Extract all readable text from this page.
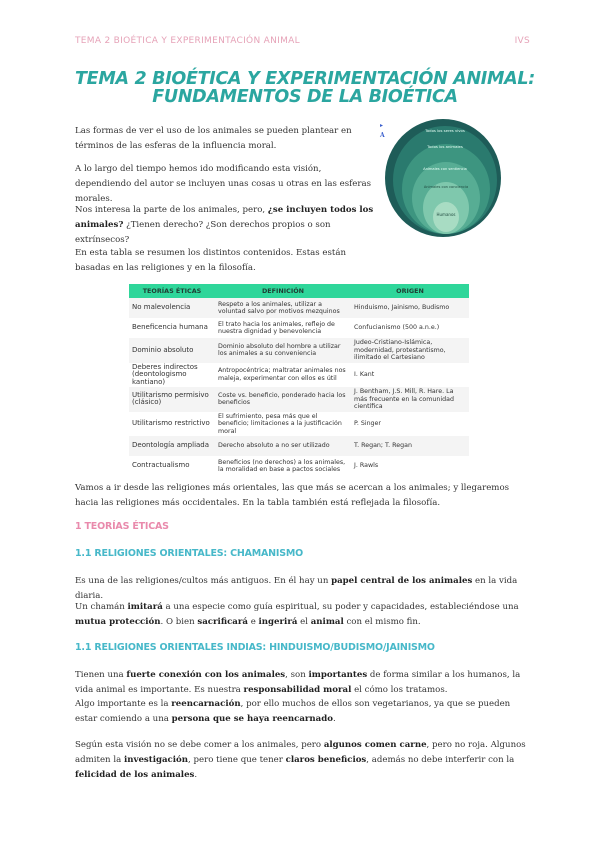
TEMA 2 BIOÉTICA Y EXPERIMENTACIÓN ANIMAL	IVS
TEMA 2 BIOÉTICA Y EXPERIMENTACIÓN ANIMAL:
FUNDAMENTOS DE LA BIOÉTICA
Las formas de ver el uso de los animales se pueden plantear en términos de las esferas de la influencia moral.
A lo largo del tiempo hemos ido modificando esta visión, dependiendo del autor se incluyen unas cosas u otras en las esferas morales.
Nos interesa la parte de los animales, pero, ¿se incluyen todos los animales? ¿Tienen derecho? ¿Son derechos propios o son extrínsecos?
En esta tabla se resumen los distintos contenidos. Estas están basadas en las religiones y en la filosofía.
▸
A
Todos los seres vivos
Todos los animales
Animales con sentiencia
Animales con conciencia
Humanos
TEORÍAS ÉTICAS	DEFINICIÓN	ORIGEN
No malevolencia	Respeto a los animales, utilizar a voluntad salvo por motivos mezquinos	Hinduismo, Jainismo, Budismo
Beneficencia humana	El trato hacia los animales, reflejo de nuestra dignidad y benevolencia	Confucianismo (500 a.n.e.)
Dominio absoluto	Dominio absoluto del hombre a utilizar los animales a su conveniencia	Judeo-Cristiano-Islámica, modernidad, protestantismo, ilimitado el Cartesiano
Deberes indirectos (deontologismo kantiano)	Antropocéntrica; maltratar animales nos maleja, experimentar con ellos es útil	I. Kant
Utilitarismo permisivo (clásico)	Coste vs. beneficio, ponderado hacia los beneficios	J. Bentham, J.S. Mill, R. Hare. La más frecuente en la comunidad científica
Utilitarismo restrictivo	El sufrimiento, pesa más que el beneficio; limitaciones a la justificación moral	P. Singer
Deontología ampliada	Derecho absoluto a no ser utilizado	T. Regan; T. Regan
Contractualismo	Beneficios (no derechos) a los animales, la moralidad en base a pactos sociales	J. Rawls
Vamos a ir desde las religiones más orientales, las que más se acercan a los animales; y llegaremos hacia las religiones más occidentales. En la tabla también está reflejada la filosofía.
1 TEORÍAS ÉTICAS
1.1 RELIGIONES ORIENTALES: CHAMANISMO
Es una de las religiones/cultos más antiguos. En él hay un papel central de los animales en la vida diaria.
Un chamán imitará a una especie como guía espiritual, su poder y capacidades, estableciéndose una mutua protección. O bien sacrificará e ingerirá el animal con el mismo fin.
1.1 RELIGIONES ORIENTALES INDIAS: HINDUISMO/BUDISMO/JAINISMO
Tienen una fuerte conexión con los animales, son importantes de forma similar a los humanos, la vida animal es importante. Es nuestra responsabilidad moral el cómo los tratamos.
Algo importante es la reencarnación, por ello muchos de ellos son vegetarianos, ya que se pueden estar comiendo a una persona que se haya reencarnado.
Según esta visión no se debe comer a los animales, pero algunos comen carne, pero no roja. Algunos admiten la investigación, pero tiene que tener claros beneficios, además no debe interferir con la felicidad de los animales.
